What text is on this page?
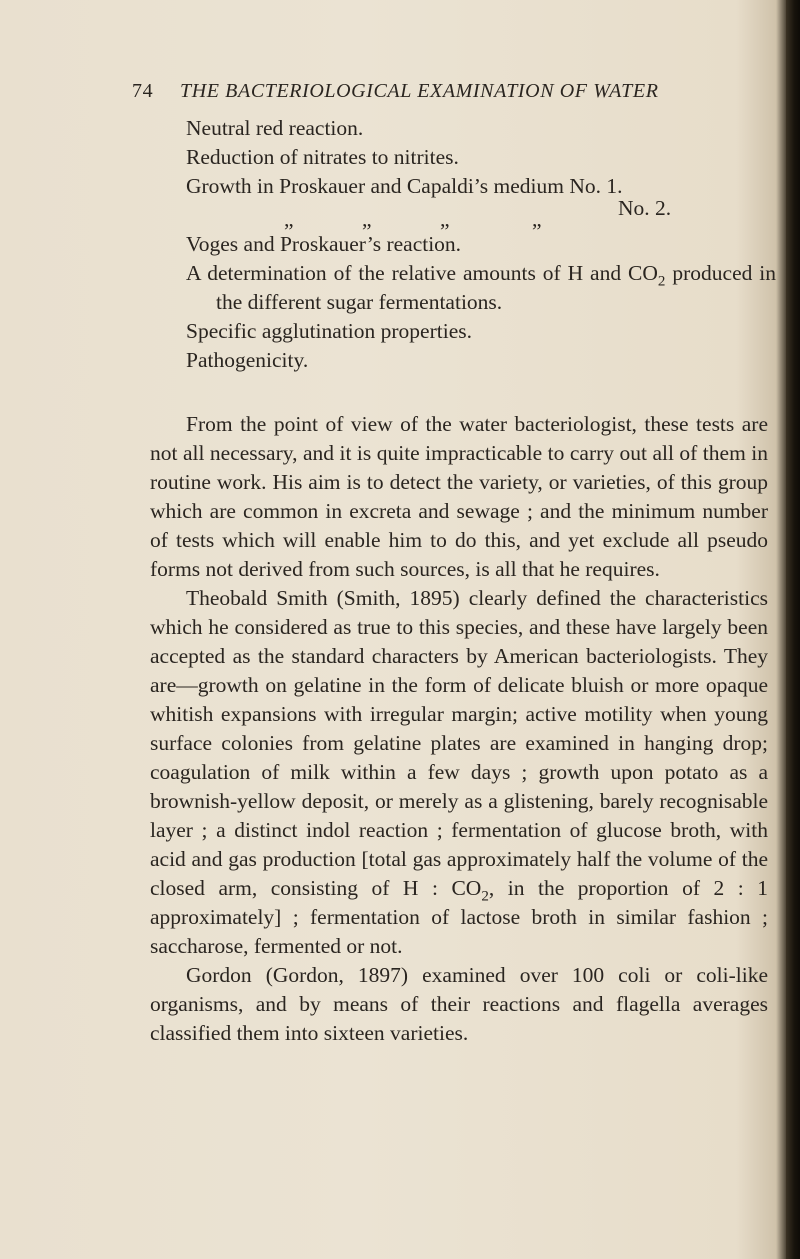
74 THE BACTERIOLOGICAL EXAMINATION OF WATER
Neutral red reaction.
Reduction of nitrates to nitrites.
Growth in Proskauer and Capaldi’s medium No. 1.
„	„	„	„	No. 2.
Voges and Proskauer’s reaction.
A determination of the relative amounts of H and $CO_2$ produced in the different sugar fermentations.
Specific agglutination properties.
Pathogenicity.

From the point of view of the water bacteriologist, these tests are not all necessary, and it is quite impracticable to carry out all of them in routine work. His aim is to detect the variety, or varieties, of this group which are common in excreta and sewage ; and the minimum number of tests which will enable him to do this, and yet exclude all pseudo forms not derived from such sources, is all that he requires.

Theobald Smith (Smith, 1895) clearly defined the characteristics which he considered as true to this species, and these have largely been accepted as the standard characters by American bacteriologists. They are—growth on gelatine in the form of delicate bluish or more opaque whitish expansions with irregular margin; active motility when young surface colonies from gelatine plates are examined in hanging drop; coagulation of milk within a few days ; growth upon potato as a brownish-yellow deposit, or merely as a glistening, barely recognisable layer ; a distinct indol reaction ; fermentation of glucose broth, with acid and gas production [total gas approximately half the volume of the closed arm, consisting of H : $CO_2$, in the proportion of 2 : 1 approximately] ; fermentation of lactose broth in similar fashion ; saccharose, fermented or not.

Gordon (Gordon, 1897) examined over 100 coli or coli-like organisms, and by means of their reactions and flagella averages classified them into sixteen varieties.
